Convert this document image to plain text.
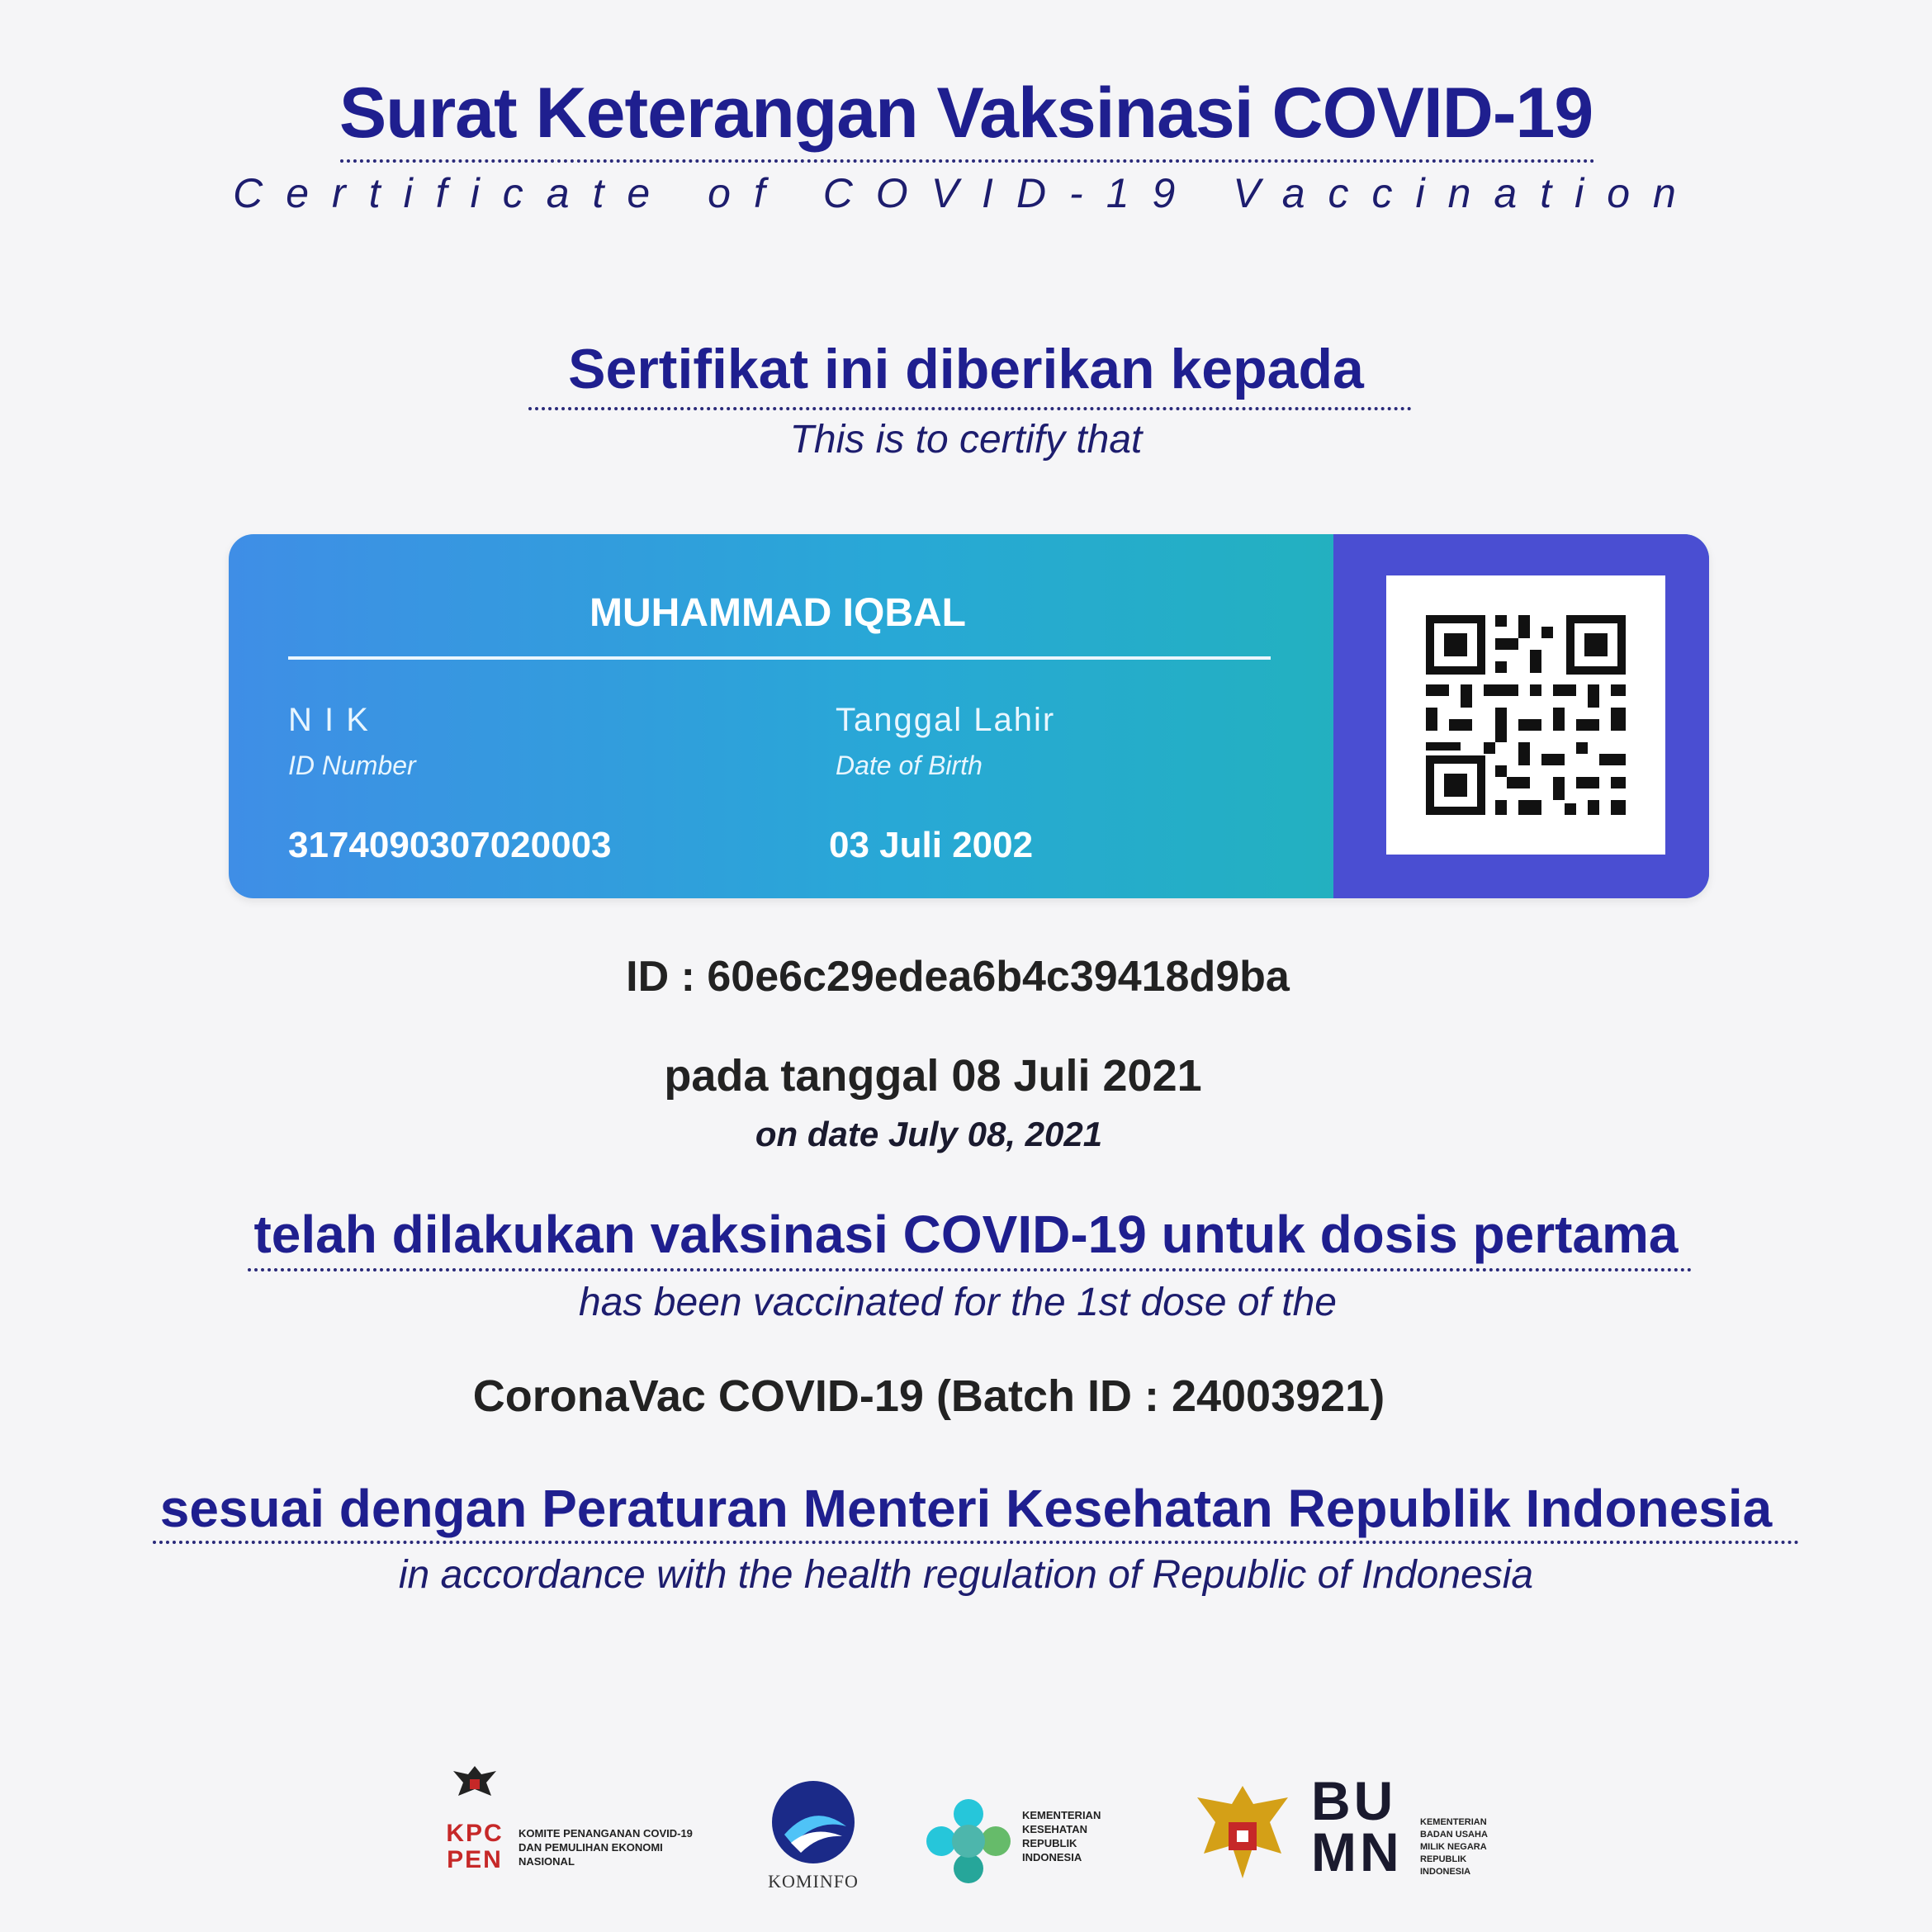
Surat Keterangan Vaksinasi COVID-19
Certificate of COVID-19 Vaccination
Sertifikat ini diberikan kepada
This is to certify that
MUHAMMAD IQBAL
N I K
ID Number
3174090307020003
Tanggal Lahir
Date of Birth
03 Juli 2002
ID : 60e6c29edea6b4c39418d9ba
pada tanggal 08 Juli 2021
on date July 08, 2021
telah dilakukan vaksinasi COVID-19 untuk dosis pertama
has been vaccinated for the 1st dose of the
CoronaVac COVID-19 (Batch ID : 24003921)
sesuai dengan Peraturan Menteri Kesehatan Republik Indonesia
in accordance with the health regulation of Republic of Indonesia
KPC PEN
KOMITE PENANGANAN COVID-19 DAN PEMULIHAN EKONOMI NASIONAL
KOMINFO
KEMENTERIAN KESEHATAN REPUBLIK INDONESIA
BUMN	KEMENTERIAN BADAN USAHA MILIK NEGARA REPUBLIK INDONESIA
